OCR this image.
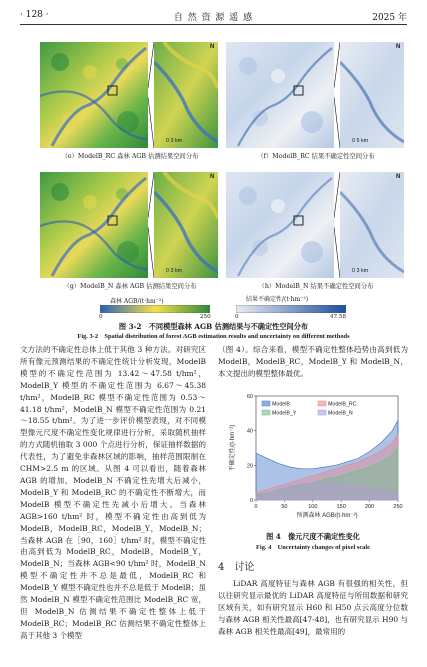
· 128 ·	自 然 资 源 遥 感	2025 年
N
0 3 km
（e）ModelB_RC 森林 AGB 估测结果空间分布
N
0 5 km
（f）ModelB_RC 结果不确定性空间分布
N
0 3 km
（g）ModelB_N 森林 AGB 估测结果空间分布
N
0 3 km
（h）ModelB_N 结果不确定性空间分布
森林 AGB/(t·hm⁻²)
0	250
结果不确定性/(t·hm⁻²)
0	47.58
图 3-2　不同模型森林 AGB 估测结果与不确定性空间分布
Fig. 3-2　Spatial distribution of forest AGB estimation results and uncertainty on different methods
文方法的不确定性总体上低于其他 3 种方法。对研究区所有像元预测结果的不确定性统计分析发现，ModelB 模型的不确定性范围为 13.42～47.58 t/hm²，ModelB_Y 模型的不确定性范围为 6.67～45.38 t/hm²，ModelB_RC 模型不确定性范围为 0.53～41.18 t/hm²，ModelB_N 模型不确定性范围为 0.21～18.55 t/hm²。为了进一步评价模型表现，对不同模型像元尺度不确定性变化规律进行分析，采取随机抽样的方式随机抽取 3 000 个点进行分析，保证抽样数据的代表性，为了避免非森林区域的影响，抽样范围限制在 CHM>2.5 m 的区域。从图 4 可以看出，随着森林 AGB 的增加，ModelB_N 不确定性先增大后减小，ModelB_Y 和 ModelB_RC 的不确定性不断增大，而 ModelB 模型不确定性先减小后增大。当森林 AGB>160 t/hm² 时，模型不确定性由高到低为 ModelB，ModelB_RC，ModelB_Y，ModelB_N；当森林 AGB 在［90，160］t/hm² 时，模型不确定性由高到低为 ModelB_RC，ModelB，ModelB_Y，ModelB_N；当森林 AGB<90 t/hm² 时，ModelB_N 模型不确定性并不总是最低，ModelB_RC 和 ModelB_Y 模型不确定性也并不总是低于 ModelB；虽然 ModelB_N 模型不确定性范围比 ModelB_RC 宽，但 ModelB_N 估测结果不确定性整体上低于 ModelB_RC；ModelB_RC 估测结果不确定性整体上高于其他 3 个模型
（图 4）。综合来看，模型不确定性整体趋势由高到低为 ModelB，ModelB_RC，ModelB_Y 和 ModelB_N，本文提出的模型整体最优。
0	50	100	150	200	250
0
20
40
60
预测森林 AGB/(t·hm⁻²)
不确定性/(t·hm⁻²)
ModelB	ModelB_RC
ModelB_Y	ModelB_N
图 4　像元尺度不确定性变化
Fig. 4　Uncertainty changes of pixel scale
4　讨论
LiDAR 高度特征与森林 AGB 有很强的相关性，但以往研究显示最优的 LiDAR 高度特征与所用数据和研究区域有关，如有研究显示 H60 和 H50 点云高度分位数与森林 AGB 相关性最高[47-48]，也有研究显示 H90 与森林 AGB 相关性最高[49]，最常用的
